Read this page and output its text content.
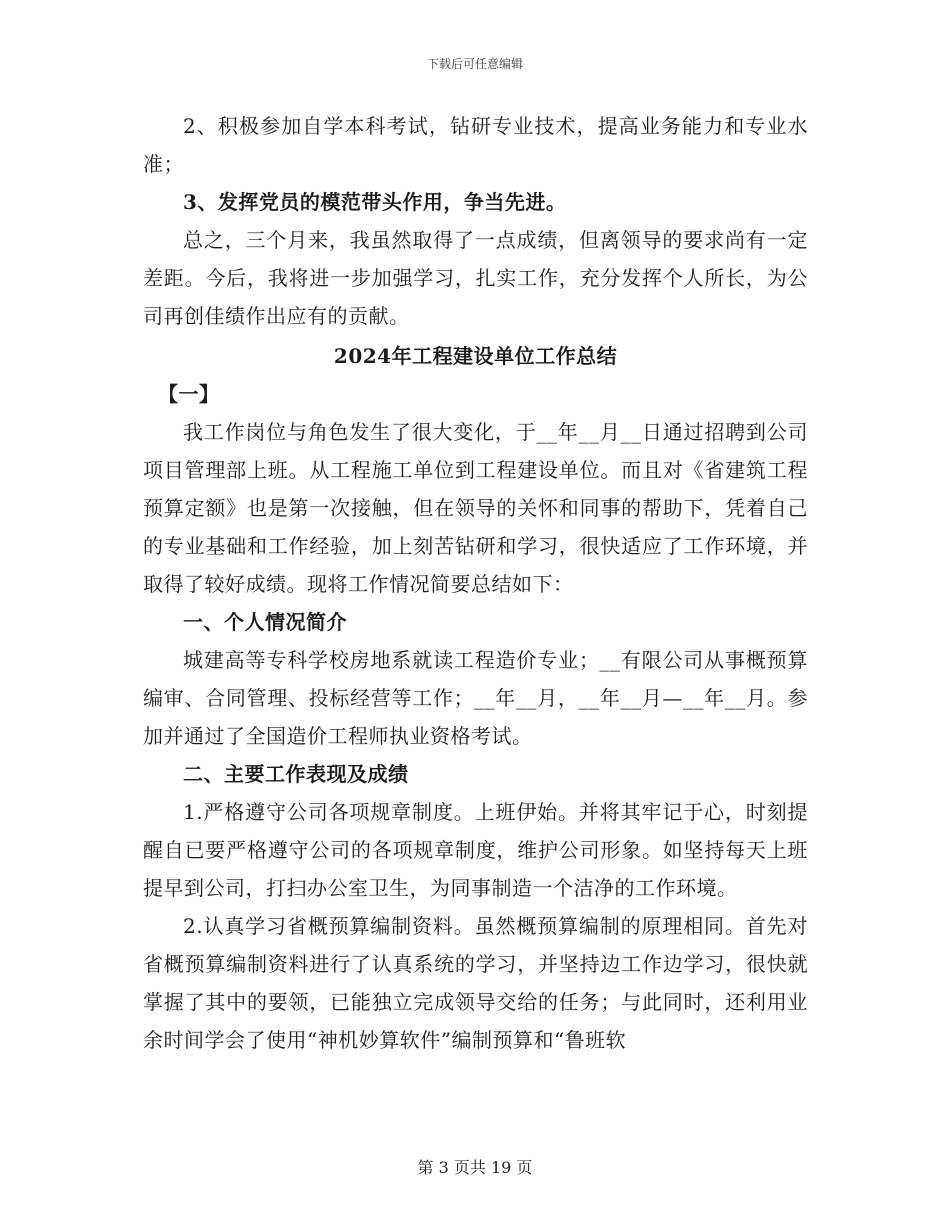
下载后可任意编辑

2、积极参加自学本科考试，钻研专业技术，提高业务能力和专业水准；

3、发挥党员的模范带头作用，争当先进。

总之，三个月来，我虽然取得了一点成绩，但离领导的要求尚有一定差距。今后，我将进一步加强学习，扎实工作，充分发挥个人所长，为公司再创佳绩作出应有的贡献。

2024年工程建设单位工作总结

【一】

我工作岗位与角色发生了很大变化，于__年__月__日通过招聘到公司项目管理部上班。从工程施工单位到工程建设单位。而且对《省建筑工程预算定额》也是第一次接触，但在领导的关怀和同事的帮助下，凭着自己的专业基础和工作经验，加上刻苦钻研和学习，很快适应了工作环境，并取得了较好成绩。现将工作情况简要总结如下：

一、个人情况简介

城建高等专科学校房地系就读工程造价专业；__有限公司从事概预算编审、合同管理、投标经营等工作；__年__月，__年__月—__年__月。参加并通过了全国造价工程师执业资格考试。

二、主要工作表现及成绩

1.严格遵守公司各项规章制度。上班伊始。并将其牢记于心，时刻提醒自已要严格遵守公司的各项规章制度，维护公司形象。如坚持每天上班提早到公司，打扫办公室卫生，为同事制造一个洁净的工作环境。

2.认真学习省概预算编制资料。虽然概预算编制的原理相同。首先对省概预算编制资料进行了认真系统的学习，并坚持边工作边学习，很快就掌握了其中的要领，已能独立完成领导交给的任务；与此同时，还利用业余时间学会了使用“神机妙算软件”编制预算和“鲁班软

第 3 页共 19 页
